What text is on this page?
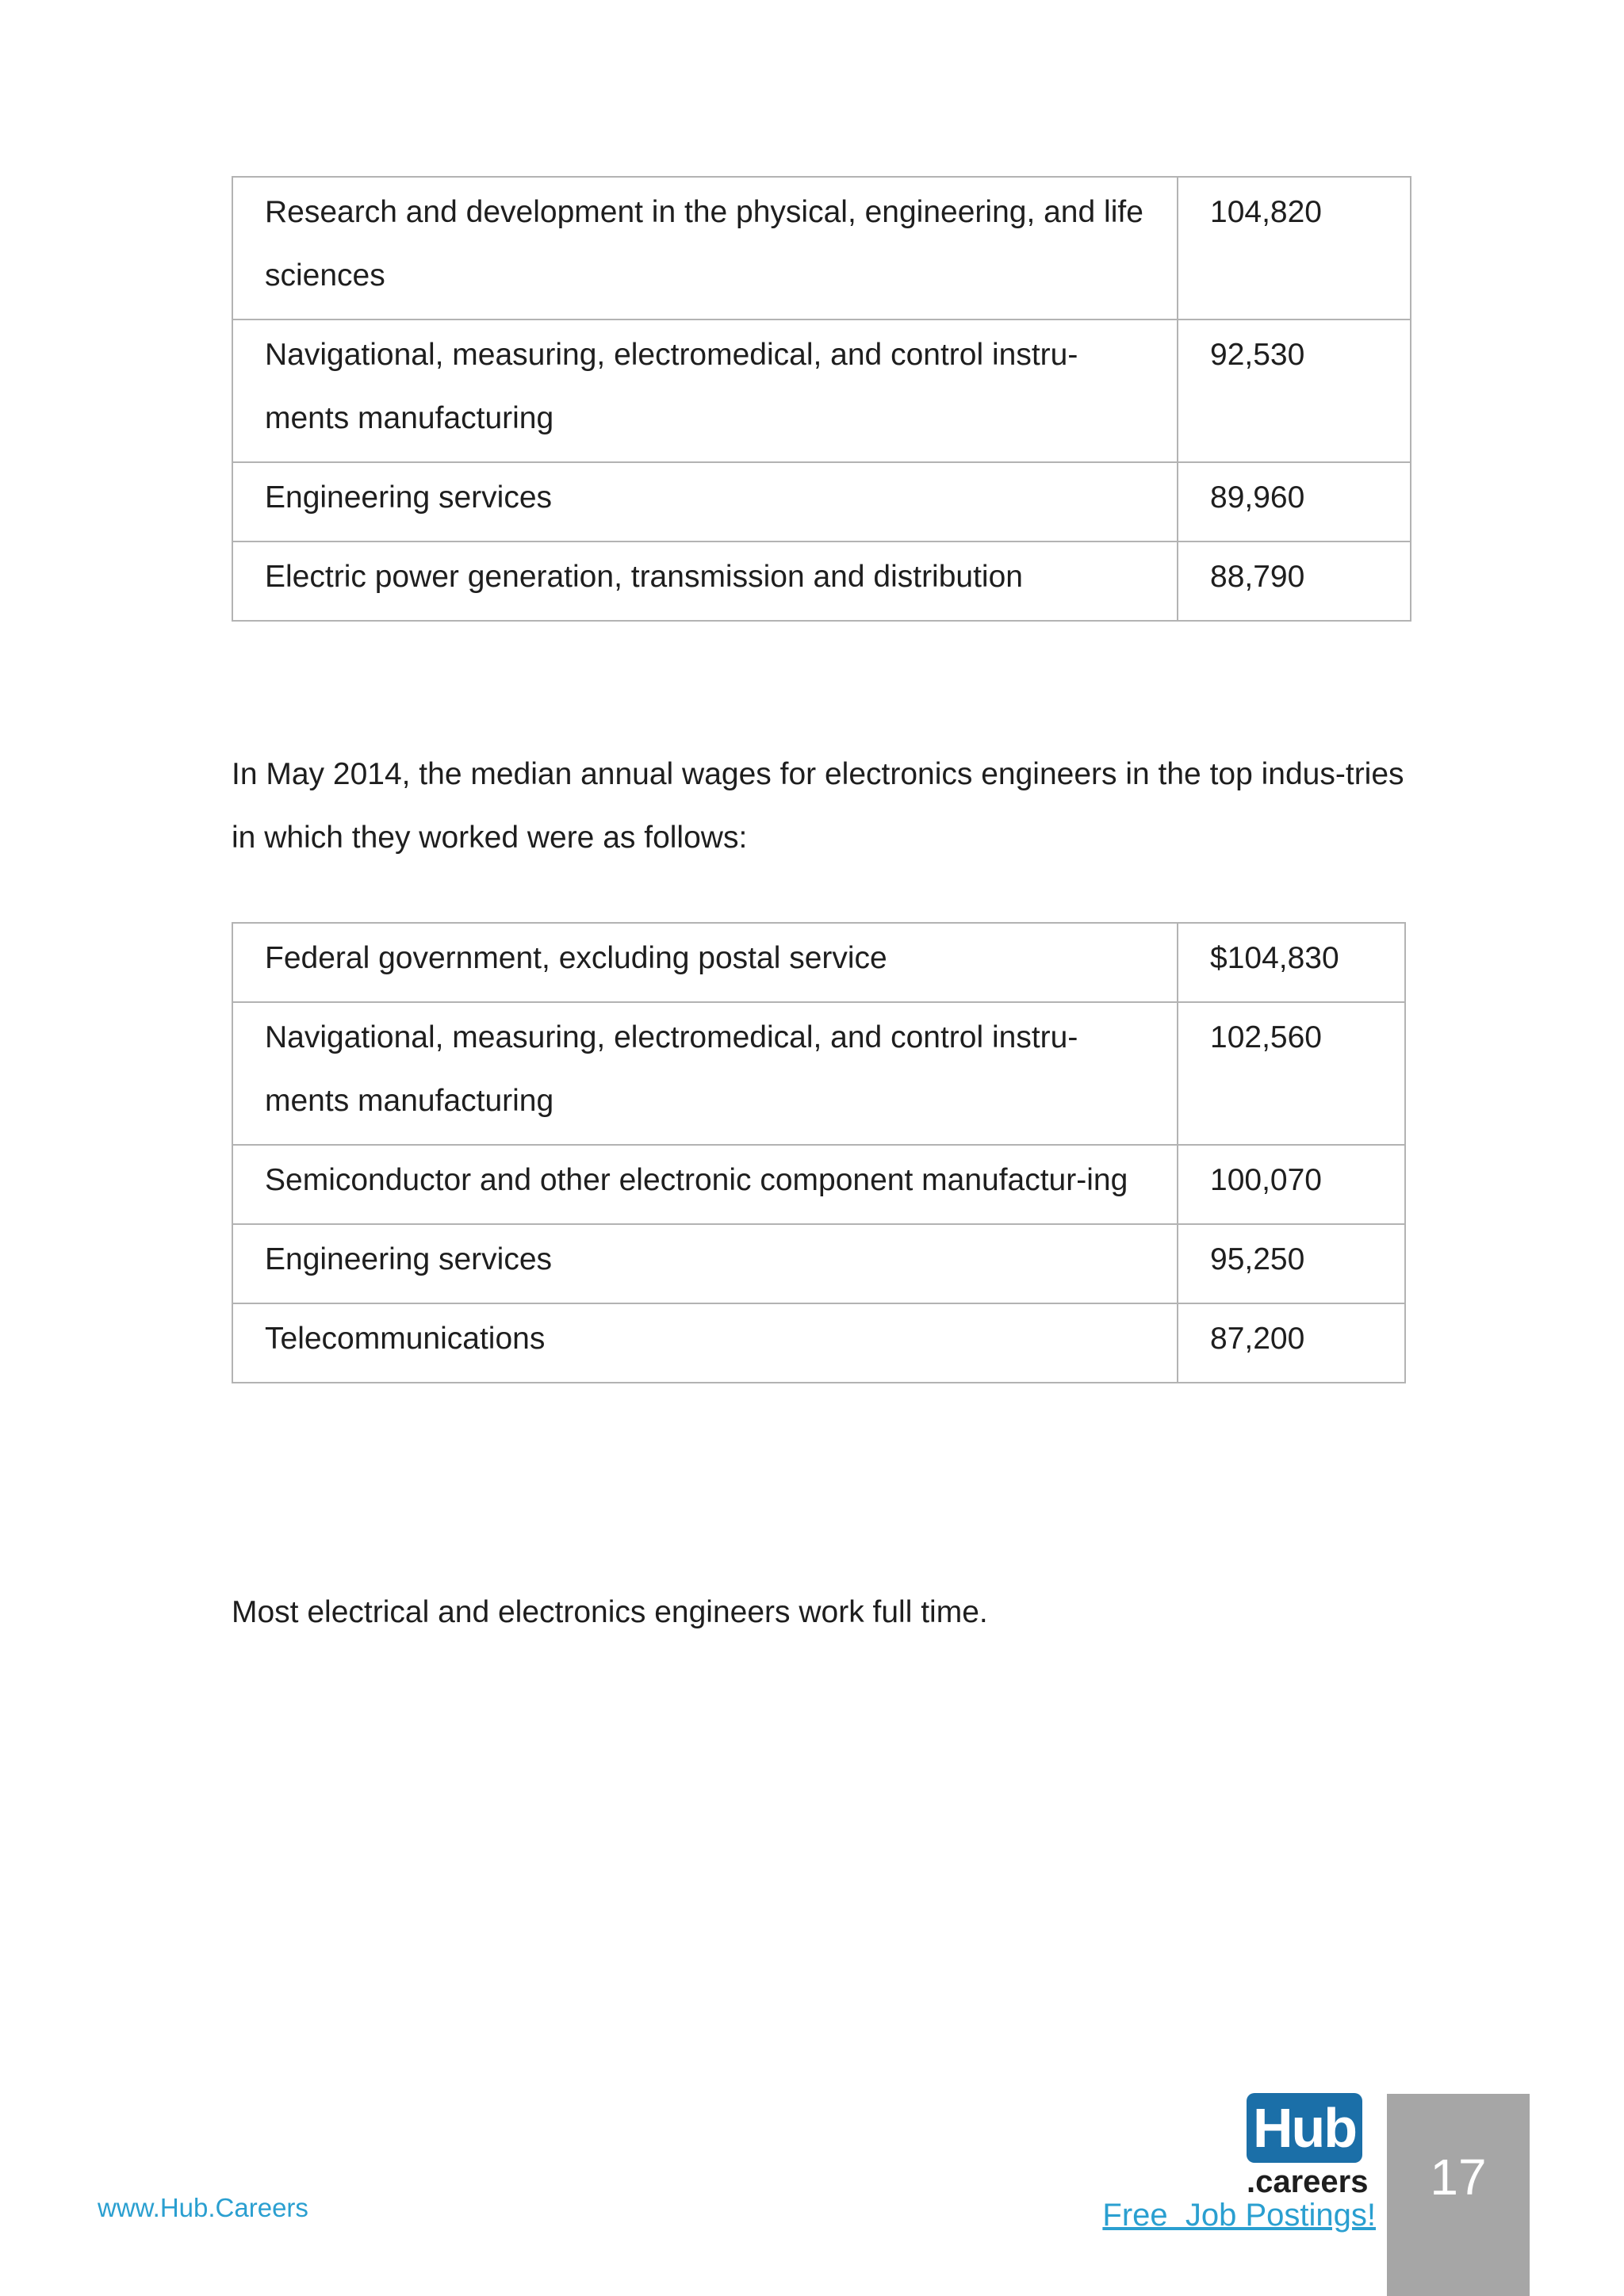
Research and development in the physical, engineering, and life sciences	104,820
Navigational, measuring, electromedical, and control instru-ments manufacturing	92,530
Engineering services	89,960
Electric power generation, transmission and distribution	88,790

In May 2014, the median annual wages for electronics engineers in the top indus-tries in which they worked were as follows:

Federal government, excluding postal service	$104,830
Navigational, measuring, electromedical, and control instru-ments manufacturing	102,560
Semiconductor and other electronic component manufactur-ing	100,070
Engineering services	95,250
Telecommunications	87,200

Most electrical and electronics engineers work full time.

www.Hub.Careers
Hub
.careers
Free  Job Postings!
17
